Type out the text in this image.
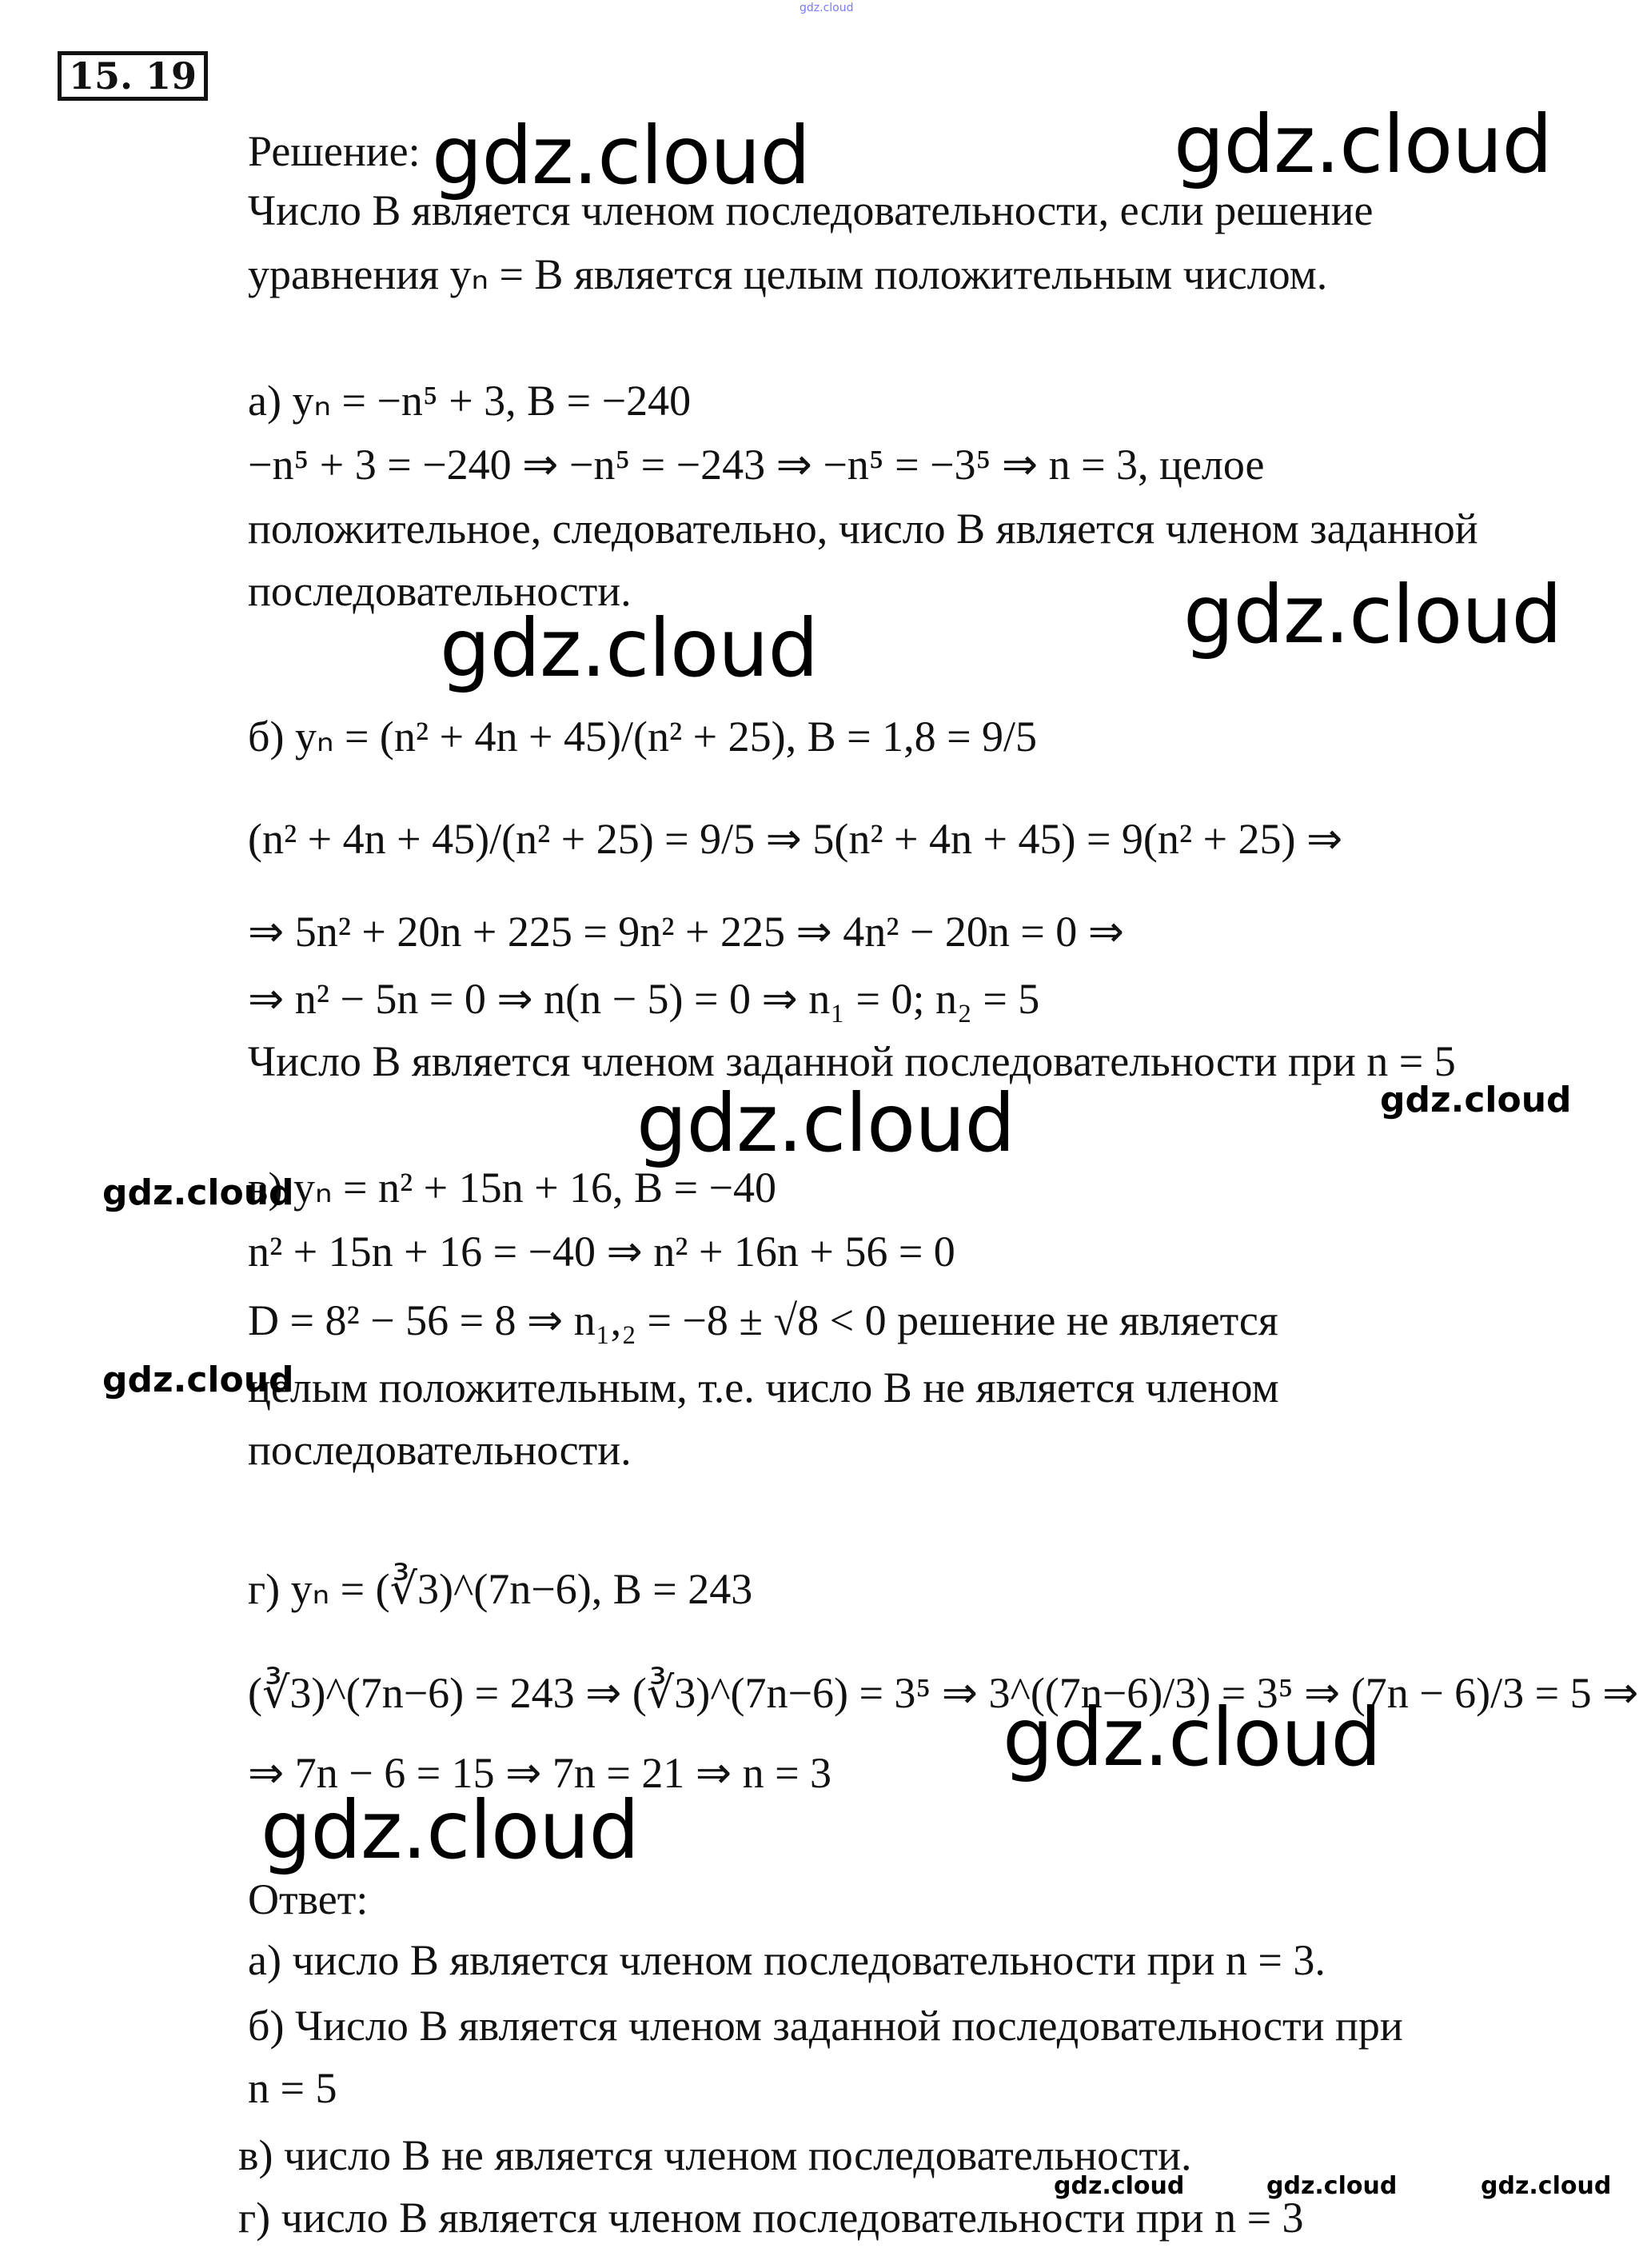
15. 19
Решение:
Число B является членом последовательности, если решение
уравнения yₙ = B является целым положительным числом.
а) yₙ = −n⁵ + 3, B = −240
−n⁵ + 3 = −240 ⇒ −n⁵ = −243 ⇒ −n⁵ = −3⁵ ⇒ n = 3, целое
положительное, следовательно, число B является членом заданной
последовательности.
б) yₙ = (n² + 4n + 45)/(n² + 25), B = 1,8 = 9/5
(n² + 4n + 45)/(n² + 25) = 9/5 ⇒ 5(n² + 4n + 45) = 9(n² + 25) ⇒
⇒ 5n² + 20n + 225 = 9n² + 225 ⇒ 4n² − 20n = 0 ⇒
⇒ n² − 5n = 0 ⇒ n(n − 5) = 0 ⇒ n₁ = 0; n₂ = 5
Число B является членом заданной последовательности при n = 5
в) yₙ = n² + 15n + 16, B = −40
n² + 15n + 16 = −40 ⇒ n² + 16n + 56 = 0
D = 8² − 56 = 8 ⇒ n₁,₂ = −8 ± √8 < 0 решение не является
целым положительным, т.е. число B не является членом
последовательности.
г) yₙ = (∛3)^(7n−6), B = 243
(∛3)^(7n−6) = 243 ⇒ (∛3)^(7n−6) = 3⁵ ⇒ 3^((7n−6)/3) = 3⁵ ⇒ (7n − 6)/3 = 5 ⇒
⇒ 7n − 6 = 15 ⇒ 7n = 21 ⇒ n = 3
Ответ:
а) число B является членом последовательности при n = 3.
б) Число B является членом заданной последовательности при
n = 5
в) число B не является членом последовательности.
г) число B является членом последовательности при n = 3
gdz.cloud
gdz.cloud	gdz.cloud
gdz.cloud
gdz.cloud
gdz.cloud	gdz.cloud
gdz.cloud
gdz.cloud
gdz.cloud
gdz.cloud
gdz.cloud	gdz.cloud	gdz.cloud
